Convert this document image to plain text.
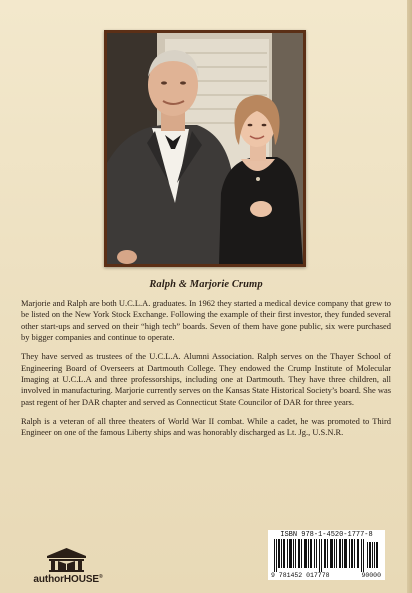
Ralph & Marjorie Crump

Marjorie and Ralph are both U.C.L.A. graduates. In 1962 they started a medical device company that grew to be listed on the New York Stock Exchange. Following the example of their first investor, they funded several other start-ups and served on their “high tech” boards. Seven of them have gone public, six were purchased by bigger companies and continue to operate.

They have served as trustees of the U.C.L.A. Alumni Association. Ralph serves on the Thayer School of Engineering Board of Overseers at Dartmouth College. They endowed the Crump Institute of Molecular Imaging at U.C.L.A and three professorships, including one at Dartmouth. They have three children, all involved in manufacturing. Marjorie currently serves on the Kansas State Historical Society’s board. She was past regent of her DAR chapter and served as Connecticut State Councilor of DAR for three years.

Ralph is a veteran of all three theaters of World War II combat. While a cadet, he was promoted to Third Engineer on one of the famous Liberty ships and was honorably discharged as Lt. Jg., U.S.N.R.

authorHOUSE®
ISBN 978-1-4520-1777-8
9 781452 017778	90000
